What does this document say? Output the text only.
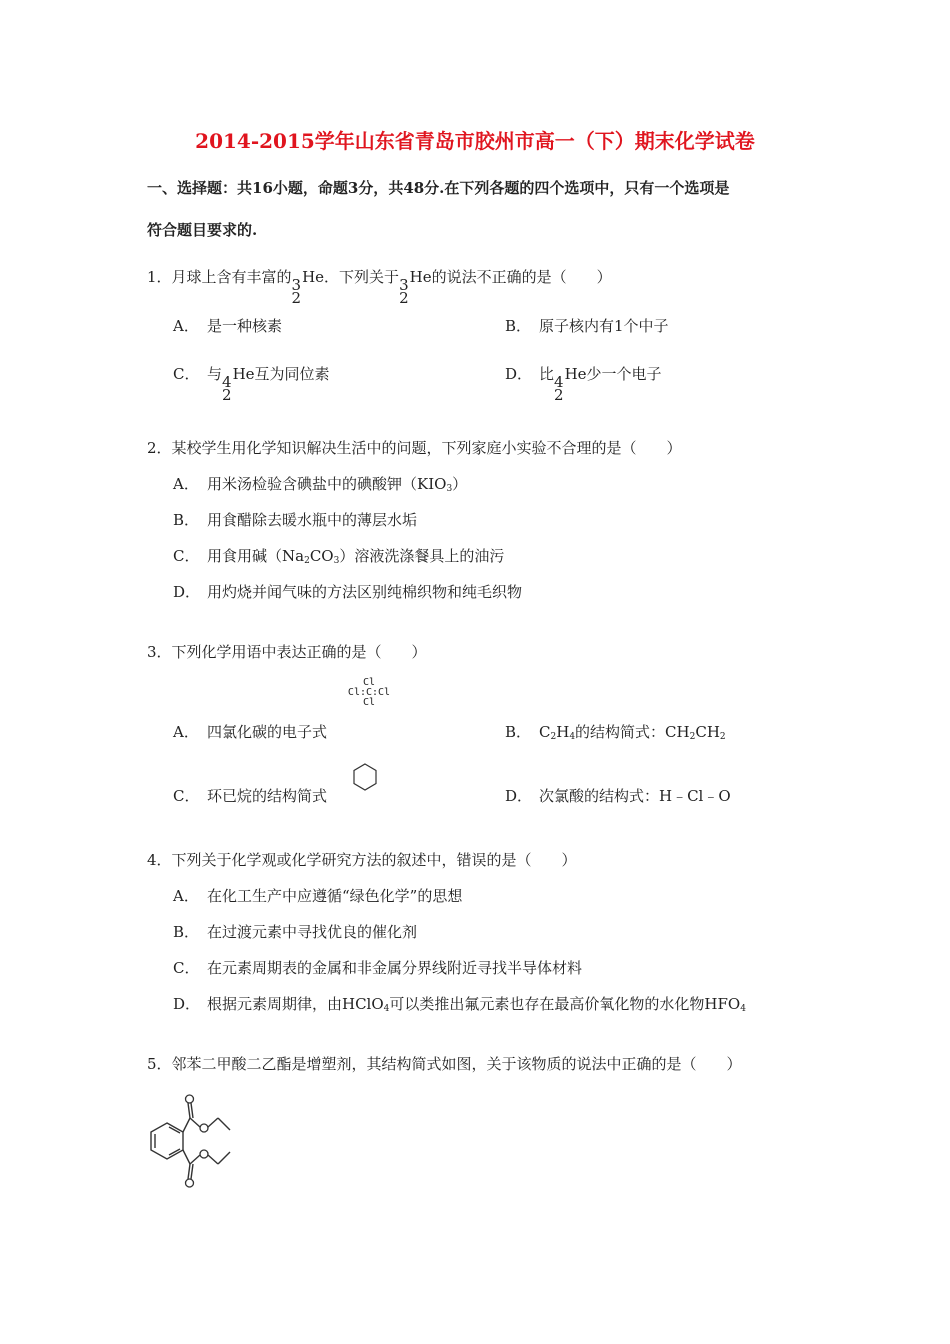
2014-2015学年山东省青岛市胶州市高一（下）期末化学试卷
一、选择题：共16小题，命题3分，共48分.在下列各题的四个选项中，只有一个选项是
符合题目要求的.
1．月球上含有丰富的 3
2
He．下列关于 3
2
He的说法不正确的是（　　）
A． 是一种核素	B． 原子核内有1个中子
C． 与 4
2
He互为同位素	D． 比 4
2
He少一个电子
2．某校学生用化学知识解决生活中的问题，下列家庭小实验不合理的是（　　）
A． 用米汤检验含碘盐中的碘酸钾$(KIO_3)$
B． 用食醋除去暖水瓶中的薄层水垢
C． 用食用碱$(Na_2CO_3)$溶液洗涤餐具上的油污
D． 用灼烧并闻气味的方法区别纯棉织物和纯毛织物
3．下列化学用语中表达正确的是（　　）
Cl
Cl:C:Cl
Cl
A． 四氯化碳的电子式	B． $C_2H_4$的结构简式：$CH_2CH_2$
C． 环已烷的结构简式	D． 次氯酸的结构式：H﹣Cl﹣O
4．下列关于化学观或化学研究方法的叙述中，错误的是（　　）
A． 在化工生产中应遵循“绿色化学”的思想
B． 在过渡元素中寻找优良的催化剂
C． 在元素周期表的金属和非金属分界线附近寻找半导体材料
D． 根据元素周期律，由HClO$_4$可以类推出氟元素也存在最高价氧化物的水化物$HFO_4$
5．邻苯二甲酸二乙酯是增塑剂，其结构简式如图，关于该物质的说法中正确的是（　　）
